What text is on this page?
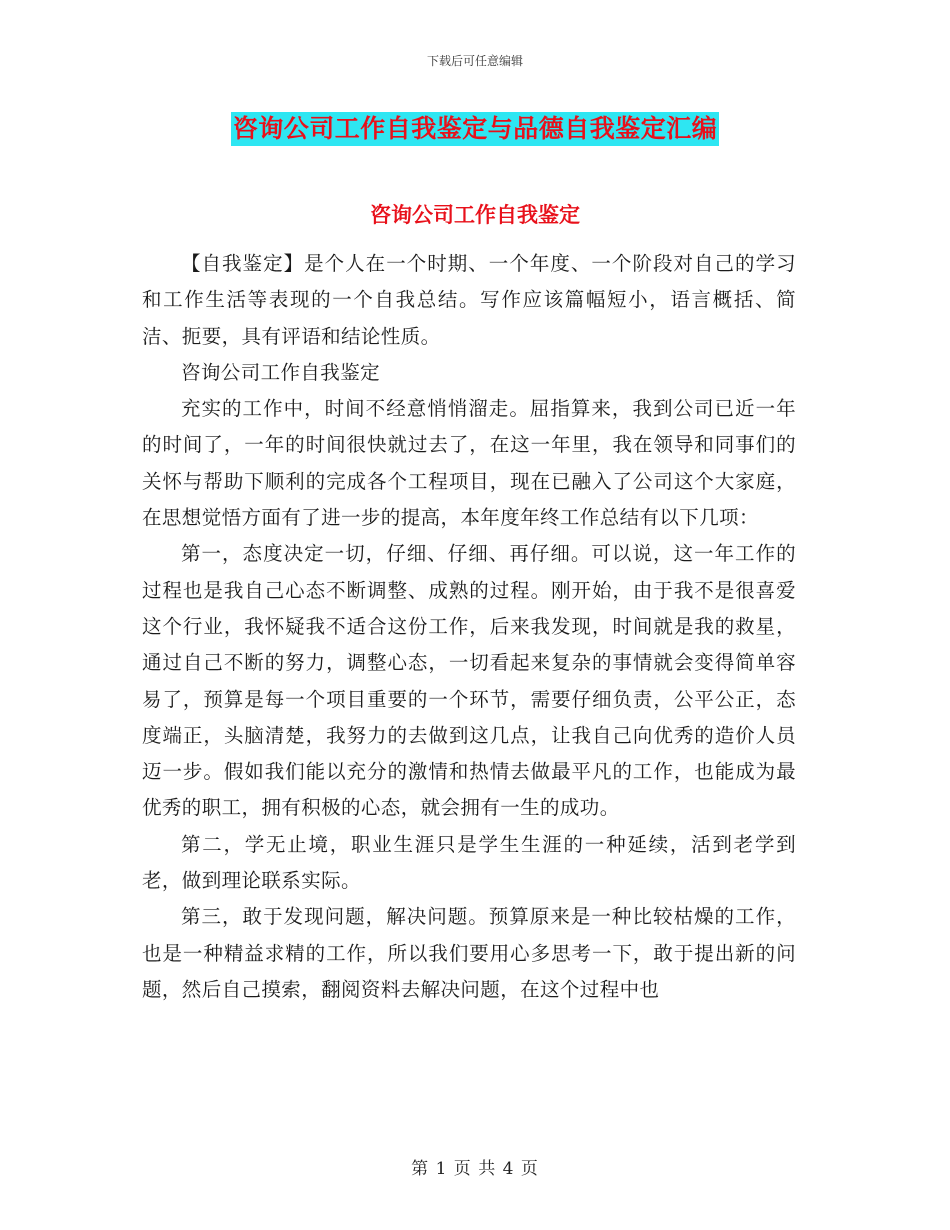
下载后可任意编辑
咨询公司工作自我鉴定与品德自我鉴定汇编
咨询公司工作自我鉴定

【自我鉴定】是个人在一个时期、一个年度、一个阶段对自己的学习和工作生活等表现的一个自我总结。写作应该篇幅短小，语言概括、简洁、扼要，具有评语和结论性质。

咨询公司工作自我鉴定

充实的工作中，时间不经意悄悄溜走。屈指算来，我到公司已近一年的时间了，一年的时间很快就过去了，在这一年里，我在领导和同事们的关怀与帮助下顺利的完成各个工程项目，现在已融入了公司这个大家庭，在思想觉悟方面有了进一步的提高，本年度年终工作总结有以下几项：

第一，态度决定一切，仔细、仔细、再仔细。可以说，这一年工作的过程也是我自己心态不断调整、成熟的过程。刚开始，由于我不是很喜爱这个行业，我怀疑我不适合这份工作，后来我发现，时间就是我的救星，通过自己不断的努力，调整心态，一切看起来复杂的事情就会变得简单容易了，预算是每一个项目重要的一个环节，需要仔细负责，公平公正，态度端正，头脑清楚，我努力的去做到这几点，让我自己向优秀的造价人员迈一步。假如我们能以充分的激情和热情去做最平凡的工作，也能成为最优秀的职工，拥有积极的心态，就会拥有一生的成功。

第二，学无止境，职业生涯只是学生生涯的一种延续，活到老学到老，做到理论联系实际。

第三，敢于发现问题，解决问题。预算原来是一种比较枯燥的工作，也是一种精益求精的工作，所以我们要用心多思考一下，敢于提出新的问题，然后自己摸索，翻阅资料去解决问题，在这个过程中也

第 1 页 共 4 页
